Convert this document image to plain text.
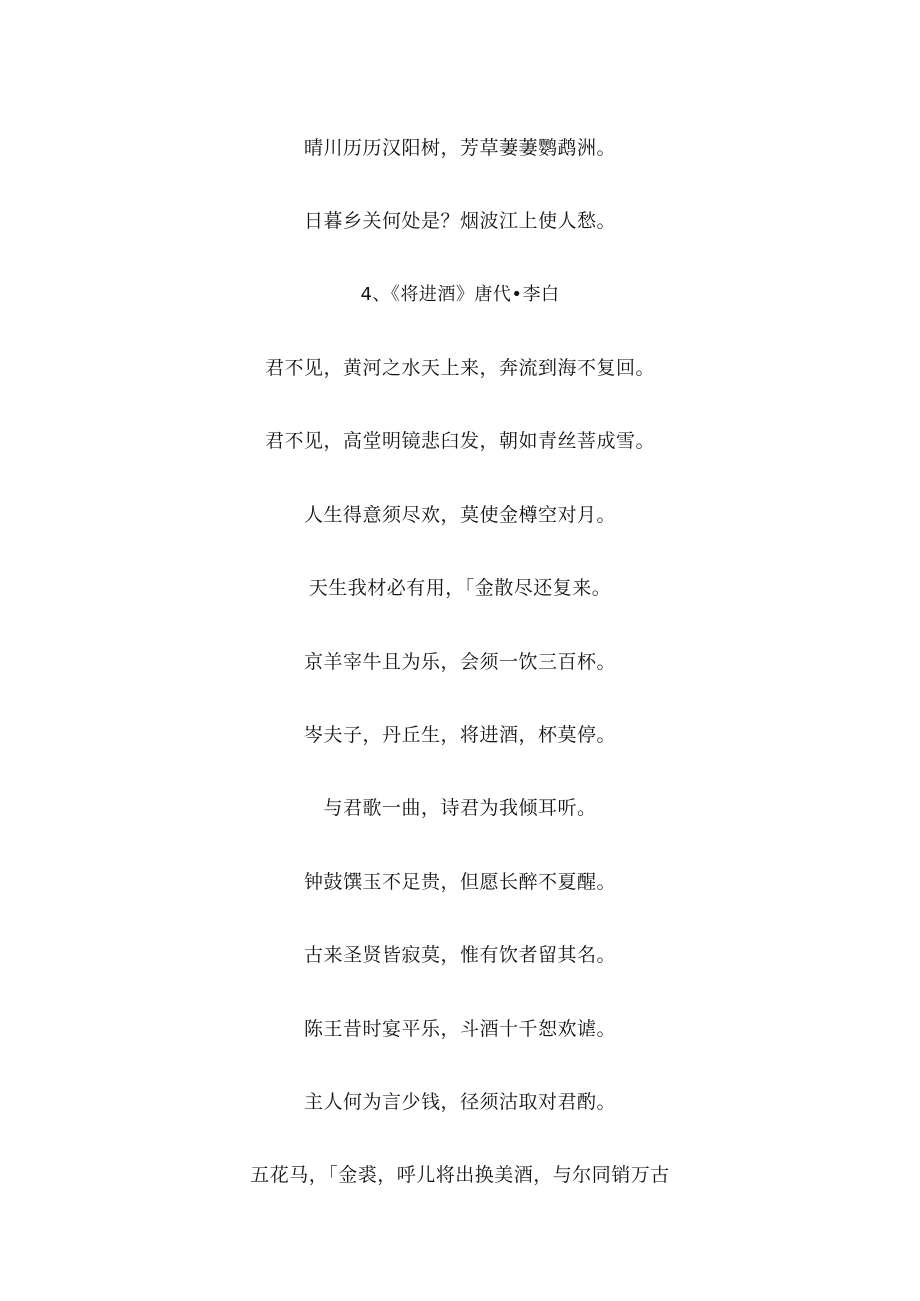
晴川历历汉阳树，芳草萋萋鹦鹉洲。
日暮乡关何处是？烟波江上使人愁。
4、《将进酒》唐代•李白
君不见，黄河之水天上来，奔流到海不复回。
君不见，高堂明镜悲臼发，朝如青丝菩成雪。
人生得意须尽欢，莫使金樽空对月。
天生我材必有用，「金散尽还复来。
京羊宰牛且为乐，会须一饮三百杯。
岑夫子，丹丘生，将进酒，杯莫停。
与君歌一曲，诗君为我倾耳听。
钟鼓馔玉不足贵，但愿长醉不夏醒。
古来圣贤皆寂莫，惟有饮者留其名。
陈王昔时宴平乐，斗酒十千恕欢谑。
主人何为言少钱，径须沽取对君酌。
五花马，「金裘，呼儿将出换美酒，与尔同销万古
